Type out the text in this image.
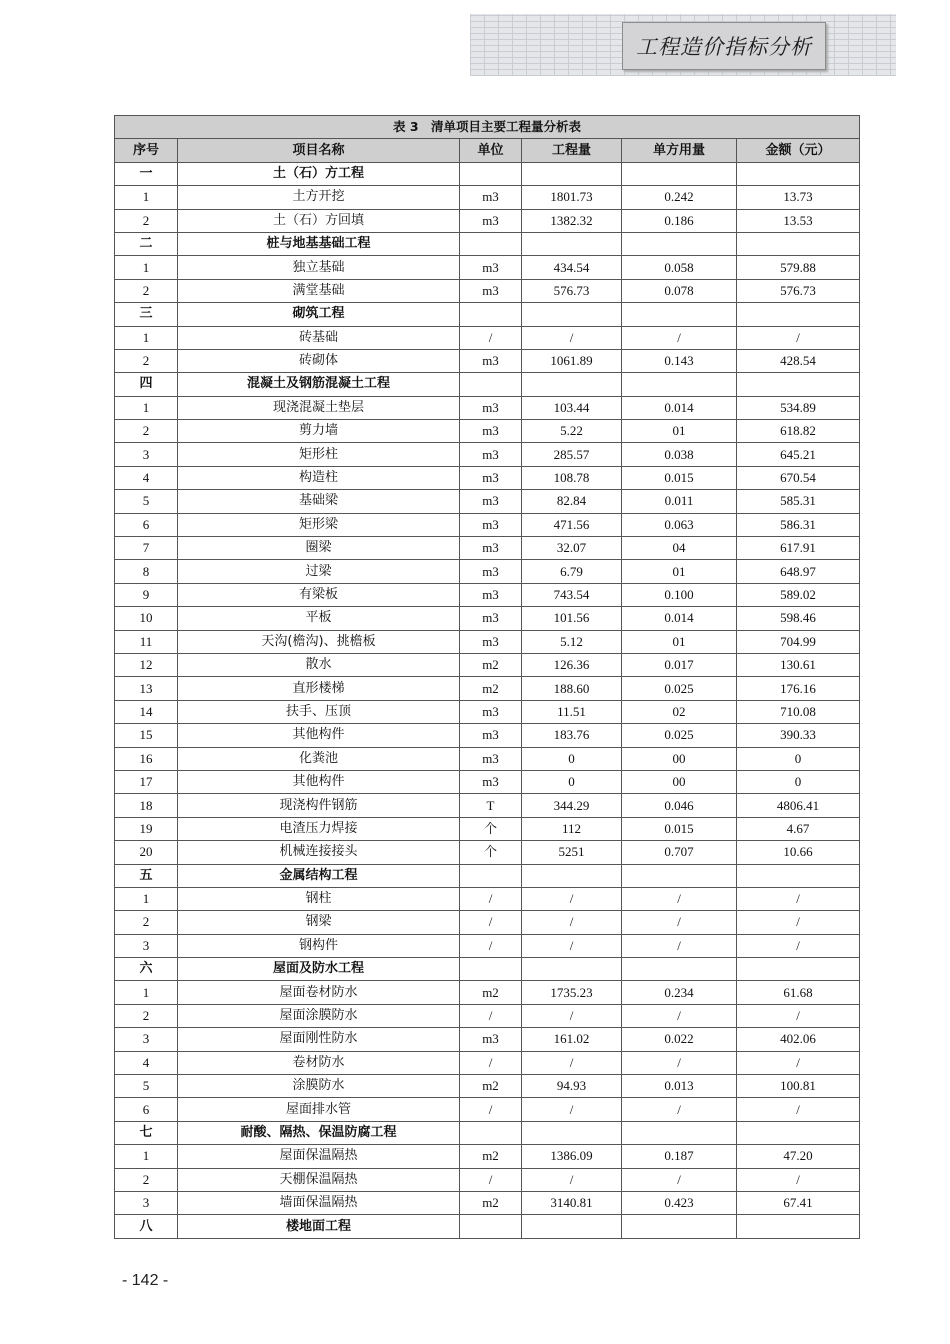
工程造价指标分析
表 3　清单项目主要工程量分析表					
序号	项目名称	单位	工程量	单方用量	金额（元）
一	土（石）方工程				
1	土方开挖	m3	1801.73	0.242	13.73
2	土（石）方回填	m3	1382.32	0.186	13.53
二	桩与地基基础工程				
1	独立基础	m3	434.54	0.058	579.88
2	满堂基础	m3	576.73	0.078	576.73
三	砌筑工程				
1	砖基础	/	/	/	/
2	砖砌体	m3	1061.89	0.143	428.54
四	混凝土及钢筋混凝土工程				
1	现浇混凝土垫层	m3	103.44	0.014	534.89
2	剪力墙	m3	5.22	01	618.82
3	矩形柱	m3	285.57	0.038	645.21
4	构造柱	m3	108.78	0.015	670.54
5	基础梁	m3	82.84	0.011	585.31
6	矩形梁	m3	471.56	0.063	586.31
7	圈梁	m3	32.07	04	617.91
8	过梁	m3	6.79	01	648.97
9	有梁板	m3	743.54	0.100	589.02
10	平板	m3	101.56	0.014	598.46
11	天沟(檐沟)、挑檐板	m3	5.12	01	704.99
12	散水	m2	126.36	0.017	130.61
13	直形楼梯	m2	188.60	0.025	176.16
14	扶手、压顶	m3	11.51	02	710.08
15	其他构件	m3	183.76	0.025	390.33
16	化粪池	m3	0	00	0
17	其他构件	m3	0	00	0
18	现浇构件钢筋	T	344.29	0.046	4806.41
19	电渣压力焊接	个	112	0.015	4.67
20	机械连接接头	个	5251	0.707	10.66
五	金属结构工程				
1	钢柱	/	/	/	/
2	钢梁	/	/	/	/
3	钢构件	/	/	/	/
六	屋面及防水工程				
1	屋面卷材防水	m2	1735.23	0.234	61.68
2	屋面涂膜防水	/	/	/	/
3	屋面刚性防水	m3	161.02	0.022	402.06
4	卷材防水	/	/	/	/
5	涂膜防水	m2	94.93	0.013	100.81
6	屋面排水管	/	/	/	/
七	耐酸、隔热、保温防腐工程				
1	屋面保温隔热	m2	1386.09	0.187	47.20
2	天棚保温隔热	/	/	/	/
3	墙面保温隔热	m2	3140.81	0.423	67.41
八	楼地面工程				
- 142 -
